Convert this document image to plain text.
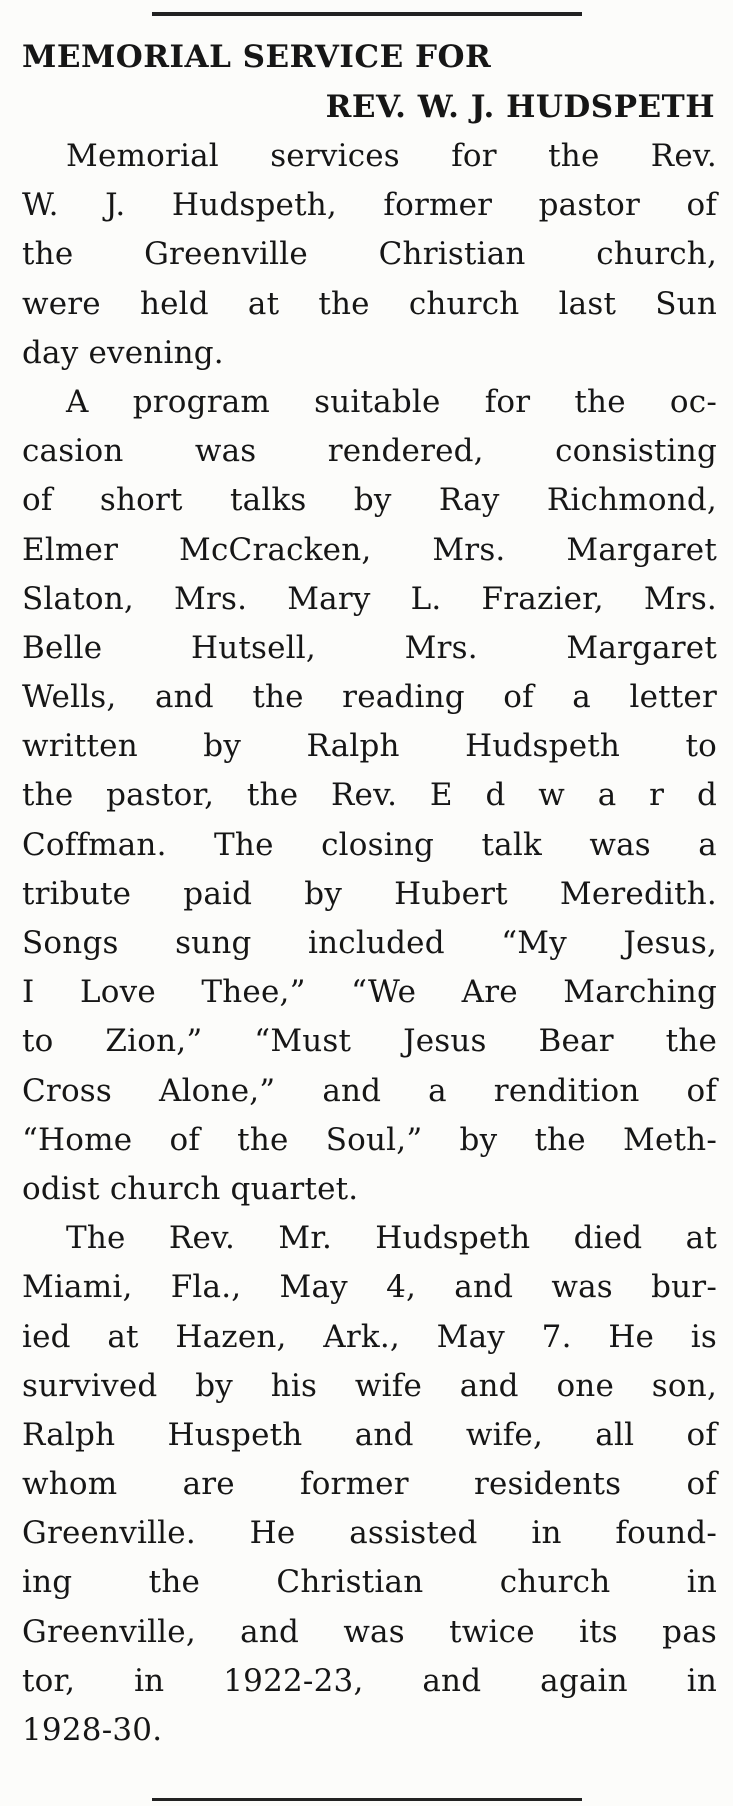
MEMORIAL SERVICE FOR
REV. W. J. HUDSPETH
Memorial services for the Rev.
W. J. Hudspeth, former pastor of
the Greenville Christian church,
were held at the church last Sun
day evening.
A program suitable for the oc-
casion was rendered, consisting
of short talks by Ray Richmond,
Elmer McCracken, Mrs. Margaret
Slaton, Mrs. Mary L. Frazier, Mrs.
Belle Hutsell, Mrs. Margaret
Wells, and the reading of a letter
written by Ralph Hudspeth to
the pastor, the Rev. E d w a r d
Coffman. The closing talk was a
tribute paid by Hubert Meredith.
Songs sung included “My Jesus,
I Love Thee,” “We Are Marching
to Zion,” “Must Jesus Bear the
Cross Alone,” and a rendition of
“Home of the Soul,” by the Meth-
odist church quartet.
The Rev. Mr. Hudspeth died at
Miami, Fla., May 4, and was bur-
ied at Hazen, Ark., May 7. He is
survived by his wife and one son,
Ralph Huspeth and wife, all of
whom are former residents of
Greenville. He assisted in found-
ing the Christian church in
Greenville, and was twice its pas
tor, in 1922-23, and again in
1928-30.
